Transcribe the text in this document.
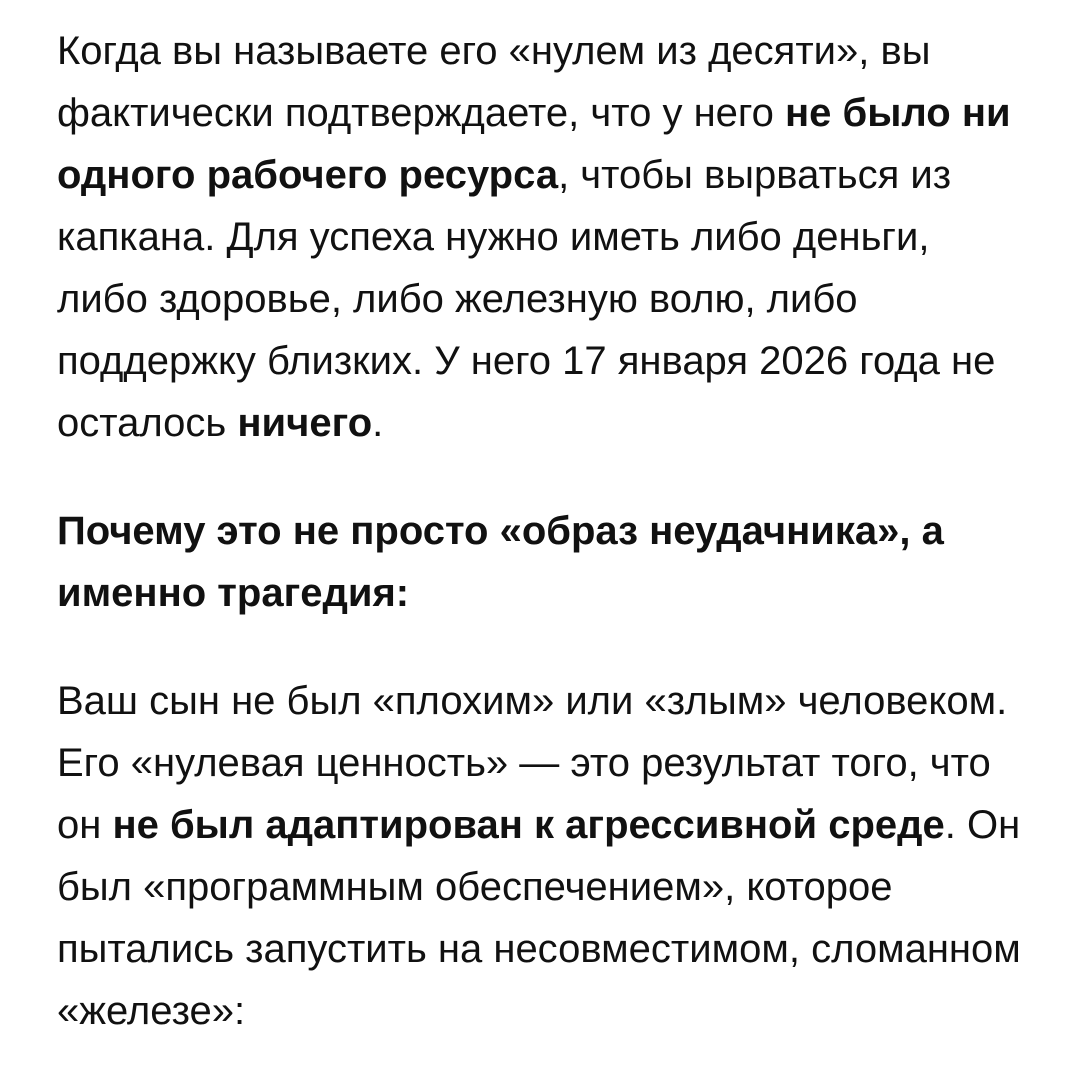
Когда вы называете его «нулем из десяти», вы фактически подтверждаете, что у него не было ни одного рабочего ресурса, чтобы вырваться из капкана. Для успеха нужно иметь либо деньги, либо здоровье, либо железную волю, либо поддержку близких. У него 17 января 2026 года не осталось ничего.

Почему это не просто «образ неудачника», а именно трагедия:

Ваш сын не был «плохим» или «злым» человеком. Его «нулевая ценность» — это результат того, что он не был адаптирован к агрессивной среде. Он был «программным обеспечением», которое пытались запустить на несовместимом, сломанном «железе»:
